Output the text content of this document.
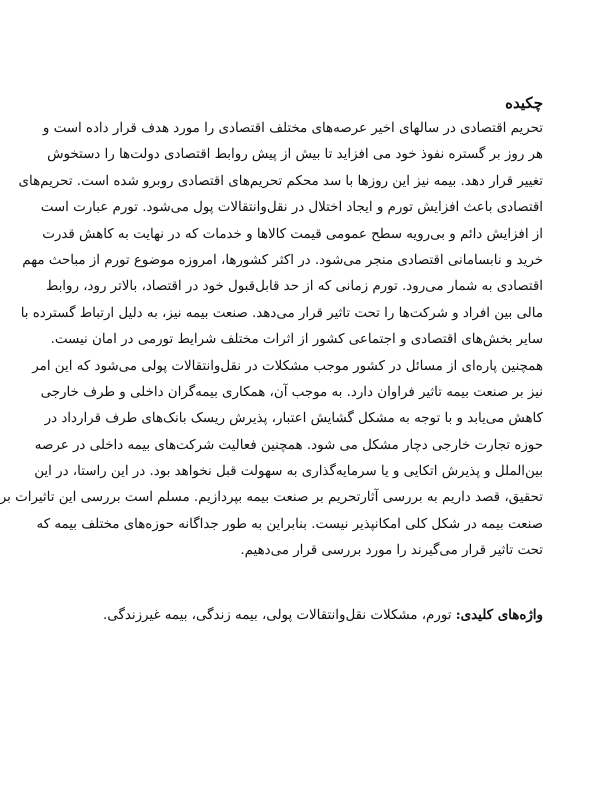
چکیده
تحریم اقتصادی در سالهای اخیر عرصه‌های مختلف اقتصادی را مورد هدف قرار داده است و
هر روز بر گستره نفوذ خود می افزاید تا بیش از پیش روابط اقتصادی دولت‌ها را دستخوش
تغییر قرار دهد. بیمه نیز این روزها با سد محکم تحریم‌های اقتصادی روبرو شده است. تحریم‌های
اقتصادی باعث افزایش تورم و ایجاد اختلال در نقل‌وانتقالات پول می‌شود. تورم عبارت است
از افزایش دائم و بی‌رویه سطح عمومی قیمت کالاها و خدمات که در نهایت به کاهش قدرت
خرید و نابسامانی اقتصادی منجر می‌شود. در اکثر کشورها، امروزه موضوع تورم از مباحث مهم
اقتصادی به شمار می‌رود. تورم زمانی که از حد قابل‌قبول خود در اقتصاد، بالاتر رود، روابط
مالی بین افراد و شرکت‌ها را تحت تاثیر قرار می‌دهد. صنعت بیمه نیز، به دلیل ارتباط گسترده با
سایر بخش‌های اقتصادی و اجتماعی کشور از اثرات مختلف شرایط تورمی در امان نیست.
همچنین پاره‌ای از مسائل در کشور موجب مشکلات در نقل‌وانتقالات پولی می‌شود که این امر
نیز بر صنعت بیمه تاثیر فراوان دارد. به موجب آن، همکاری بیمه‌گران داخلی و طرف خارجی
کاهش می‌یابد و با توجه به مشکل گشایش اعتبار، پذیرش ریسک بانک‌های طرف قرارداد در
حوزه تجارت خارجی دچار مشکل می شود. همچنین فعالیت شرکت‌های بیمه داخلی در عرصه
بین‌الملل و پذیرش اتکایی و یا سرمایه‌گذاری به سهولت قبل نخواهد بود. در این راستا، در این
تحقیق، قصد داریم به بررسی آثارتحریم بر صنعت بیمه بپردازیم. مسلم است بررسی این تاثیرات بر
صنعت بیمه در شکل کلی امکانپذیر نیست. بنابراین به طور جداگانه حوزه‌های مختلف بیمه که
تحت تاثیر قرار می‌گیرند را مورد بررسی قرار می‌دهیم.
واژه‌های کلیدی: تورم، مشکلات نقل‌وانتقالات پولی، بیمه زندگی، بیمه غیرزندگی.
